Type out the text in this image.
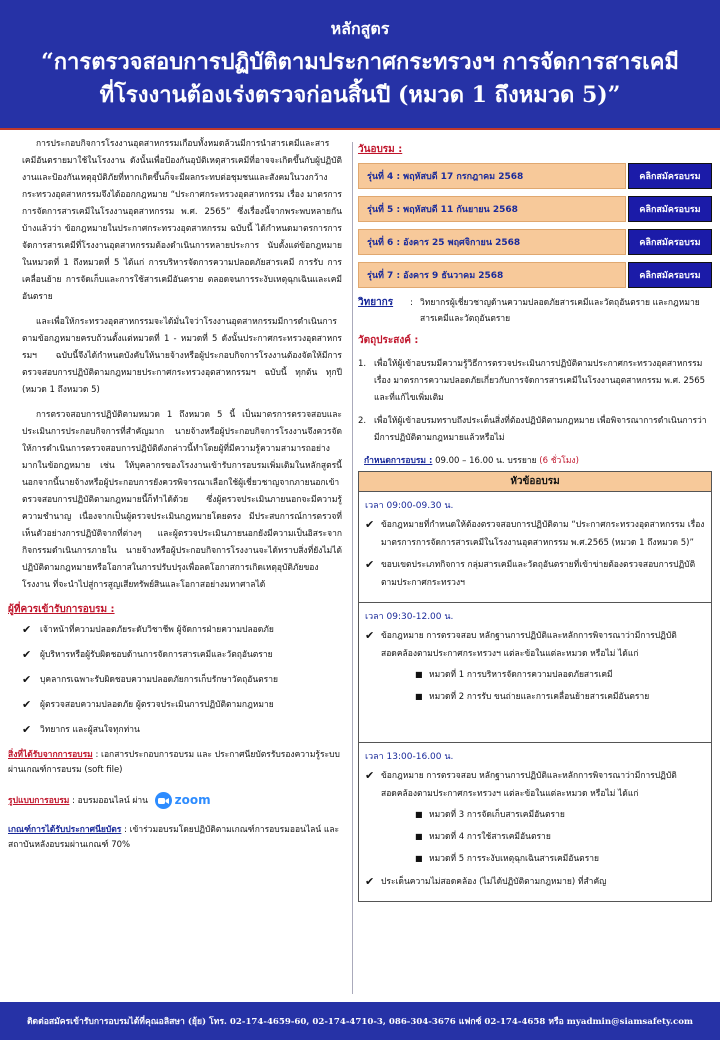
หลักสูตร
“การตรวจสอบการปฏิบัติตามประกาศกระทรวงฯ การจัดการสารเคมี
ที่โรงงานต้องเร่งตรวจก่อนสิ้นปี (หมวด 1 ถึงหมวด 5)”

การประกอบกิจการโรงงานอุตสาหกรรมเกือบทั้งหมดล้วนมีการนำสารเคมีและสารเคมีอันตรายมาใช้ในโรงงาน ดังนั้นเพื่อป้องกันอุบัติเหตุสารเคมีที่อาจจะเกิดขึ้นกับผู้ปฏิบัติงานและป้องกันเหตุอุบัติภัยที่หากเกิดขึ้นก็จะมีผลกระทบต่อชุมชนและสังคมในวงกว้าง กระทรวงอุตสาหกรรมจึงได้ออกกฎหมาย “ประกาศกระทรวงอุตสาหกรรม เรื่อง มาตรการการจัดการสารเคมีในโรงงานอุตสาหกรรม พ.ศ. 2565” ซึ่งเรื่องนี้จากพระพบหลายกันบ้างแล้วว่า ข้อกฎหมายในประกาศกระทรวงอุตสาหกรรม ฉบับนี้ ได้กำหนดมาตรการการจัดการสารเคมีที่โรงงานอุตสาหกรรมต้องดำเนินการหลายประการ นับตั้งแต่ข้อกฎหมายในหมวดที่ 1 ถึงหมวดที่ 5 ได้แก่ การบริหารจัดการความปลอดภัยสารเคมี การรับ การเคลื่อนย้าย การจัดเก็บและการใช้สารเคมีอันตราย ตลอดจนการระงับเหตุฉุกเฉินและเคมีอันตราย

และเพื่อให้กระทรวงอุตสาหกรรมจะได้มั่นใจว่าโรงงานอุตสาหกรรมมีการดำเนินการตามข้อกฎหมายครบถ้วนตั้งแต่หมวดที่ 1 - หมวดที่ 5 ดังนั้นประกาศกระทรวงอุตสาหกรรมฯ ฉบับนี้จึงได้กำหนดบังคับให้นายจ้างหรือผู้ประกอบกิจการโรงงานต้องจัดให้มีการตรวจสอบการปฏิบัติตามกฎหมายประกาศกระทรวงอุตสาหกรรมฯ ฉบับนี้ ทุกต้น ทุกปี (หมวด 1 ถึงหมวด 5)

การตรวจสอบการปฏิบัติตามหมวด 1 ถึงหมวด 5 นี้ เป็นมาตรการตรวจสอบและประเมินการประกอบกิจการที่สำคัญมาก นายจ้างหรือผู้ประกอบกิจการโรงงานจึงควรจัดให้การดำเนินการตรวจสอบการปฏิบัติดังกล่าวนี้ทำโดยผู้ที่มีความรู้ความสามารถอย่างมากในข้อกฎหมาย เช่น ให้บุคลากรของโรงงานเข้ารับการอบรมเพิ่มเติมในหลักสูตรนี้ นอกจากนี้นายจ้างหรือผู้ประกอบการยังควรพิจารณาเลือกใช้ผู้เชี่ยวชาญจากภายนอกเข้าตรวจสอบการปฏิบัติตามกฎหมายนี้ก็ทำได้ด้วย ซึ่งผู้ตรวจประเมินภายนอกจะมีความรู้ความชำนาญ เนื่องจากเป็นผู้ตรวจประเมินกฎหมายโดยตรง มีประสบการณ์การตรวจที่เห็นตัวอย่างการปฏิบัติจากที่ต่างๆ และผู้ตรวจประเมินภายนอกยังมีความเป็นอิสระจากกิจกรรมดำเนินการภายใน นายจ้างหรือผู้ประกอบกิจการโรงงานจะได้ทราบสิ่งที่ยังไม่ได้ปฏิบัติตามกฎหมายหรือโอกาสในการปรับปรุงเพื่อลดโอกาสการเกิดเหตุอุบัติภัยของโรงงาน ที่จะนำไปสู่การสูญเสียทรัพย์สินและโอกาสอย่างมหาศาลได้

ผู้ที่ควรเข้ารับการอบรม :
✔	เจ้าหน้าที่ความปลอดภัยระดับวิชาชีพ ผู้จัดการฝ่ายความปลอดภัย
✔	ผู้บริหารหรือผู้รับผิดชอบด้านการจัดการสารเคมีและวัตถุอันตราย
✔	บุคลากรเฉพาะรับผิดชอบความปลอดภัยการเก็บรักษาวัตถุอันตราย
✔	ผู้ตรวจสอบความปลอดภัย ผู้ตรวจประเมินการปฏิบัติตามกฎหมาย
✔	วิทยากร และผู้สนใจทุกท่าน
สิ่งที่ได้รับจากการอบรม : เอกสารประกอบการอบรม และ ประกาศนียบัตรรับรองความรู้ระบบผ่านเกณฑ์การอบรม (soft file)
รูปแบบการอบรม : อบรมออนไลน์ ผ่าน zoom
เกณฑ์การได้รับประกาศนียบัตร : เข้าร่วมอบรมโดยปฏิบัติตามเกณฑ์การอบรมออนไลน์ และสถาบันหลังอบรมผ่านเกณฑ์ 70%
วันอบรม :
รุ่นที่ 4 : พฤหัสบดี 17 กรกฎาคม 2568	คลิกสมัครอบรม
รุ่นที่ 5 : พฤหัสบดี 11 กันยายน 2568	คลิกสมัครอบรม
รุ่นที่ 6 : อังคาร 25 พฤศจิกายน 2568	คลิกสมัครอบรม
รุ่นที่ 7 : อังคาร 9 ธันวาคม 2568	คลิกสมัครอบรม
วิทยากร	: วิทยากรผู้เชี่ยวชาญด้านความปลอดภัยสารเคมีและวัตถุอันตราย และกฎหมายสารเคมีและวัตถุอันตราย
วัตถุประสงค์ :
1. เพื่อให้ผู้เข้าอบรมมีความรู้วิธีการตรวจประเมินการปฏิบัติตามประกาศกระทรวงอุตสาหกรรม เรื่อง มาตรการความปลอดภัยเกี่ยวกับการจัดการสารเคมีในโรงงานอุตสาหกรรม พ.ศ. 2565 และที่แก้ไขเพิ่มเติม
2. เพื่อให้ผู้เข้าอบรมทราบถึงประเด็นสิ่งที่ต้องปฏิบัติตามกฎหมาย เพื่อพิจารณาการดำเนินการว่ามีการปฏิบัติตามกฎหมายแล้วหรือไม่
กำหนดการอบรม : 09.00 – 16.00 น. บรรยาย (6 ชั่วโมง)
หัวข้ออบรม
เวลา 09:00-09.30 น.
✔ ข้อกฎหมายที่กำหนดให้ต้องตรวจสอบการปฏิบัติตาม “ประกาศกระทรวงอุตสาหกรรม เรื่อง มาตรการการจัดการสารเคมีในโรงงานอุตสาหกรรม พ.ศ.2565 (หมวด 1 ถึงหมวด 5)”
✔ ขอบเขตประเภทกิจการ กลุ่มสารเคมีและวัตถุอันตรายที่เข้าข่ายต้องตรวจสอบการปฏิบัติตามประกาศกระทรวงฯ
เวลา 09:30-12.00 น.
✔ ข้อกฎหมาย การตรวจสอบ หลักฐานการปฏิบัติและหลักการพิจารณาว่ามีการปฏิบัติสอดคล้องตามประกาศกระทรวงฯ แต่ละข้อในแต่ละหมวด หรือไม่ ได้แก่
■ หมวดที่ 1 การบริหารจัดการความปลอดภัยสารเคมี
■ หมวดที่ 2 การรับ ขนถ่ายและการเคลื่อนย้ายสารเคมีอันตราย
เวลา 13:00-16.00 น.
✔ ข้อกฎหมาย การตรวจสอบ หลักฐานการปฏิบัติและหลักการพิจารณาว่ามีการปฏิบัติสอดคล้องตามประกาศกระทรวงฯ แต่ละข้อในแต่ละหมวด หรือไม่ ได้แก่
■ หมวดที่ 3 การจัดเก็บสารเคมีอันตราย
■ หมวดที่ 4 การใช้สารเคมีอันตราย
■ หมวดที่ 5 การระงับเหตุฉุกเฉินสารเคมีอันตราย
✔ ประเด็นความไม่สอดคล้อง (ไม่ได้ปฏิบัติตามกฎหมาย) ที่สำคัญ
ติดต่อสมัครเข้ารับการอบรมได้ที่คุณอลิสษา (ยุ้ย) โทร. 02-174-4659-60, 02-174-4710-3, 086-304-3676 แฟกซ์ 02-174-4658 หรือ myadmin@siamsafety.com
